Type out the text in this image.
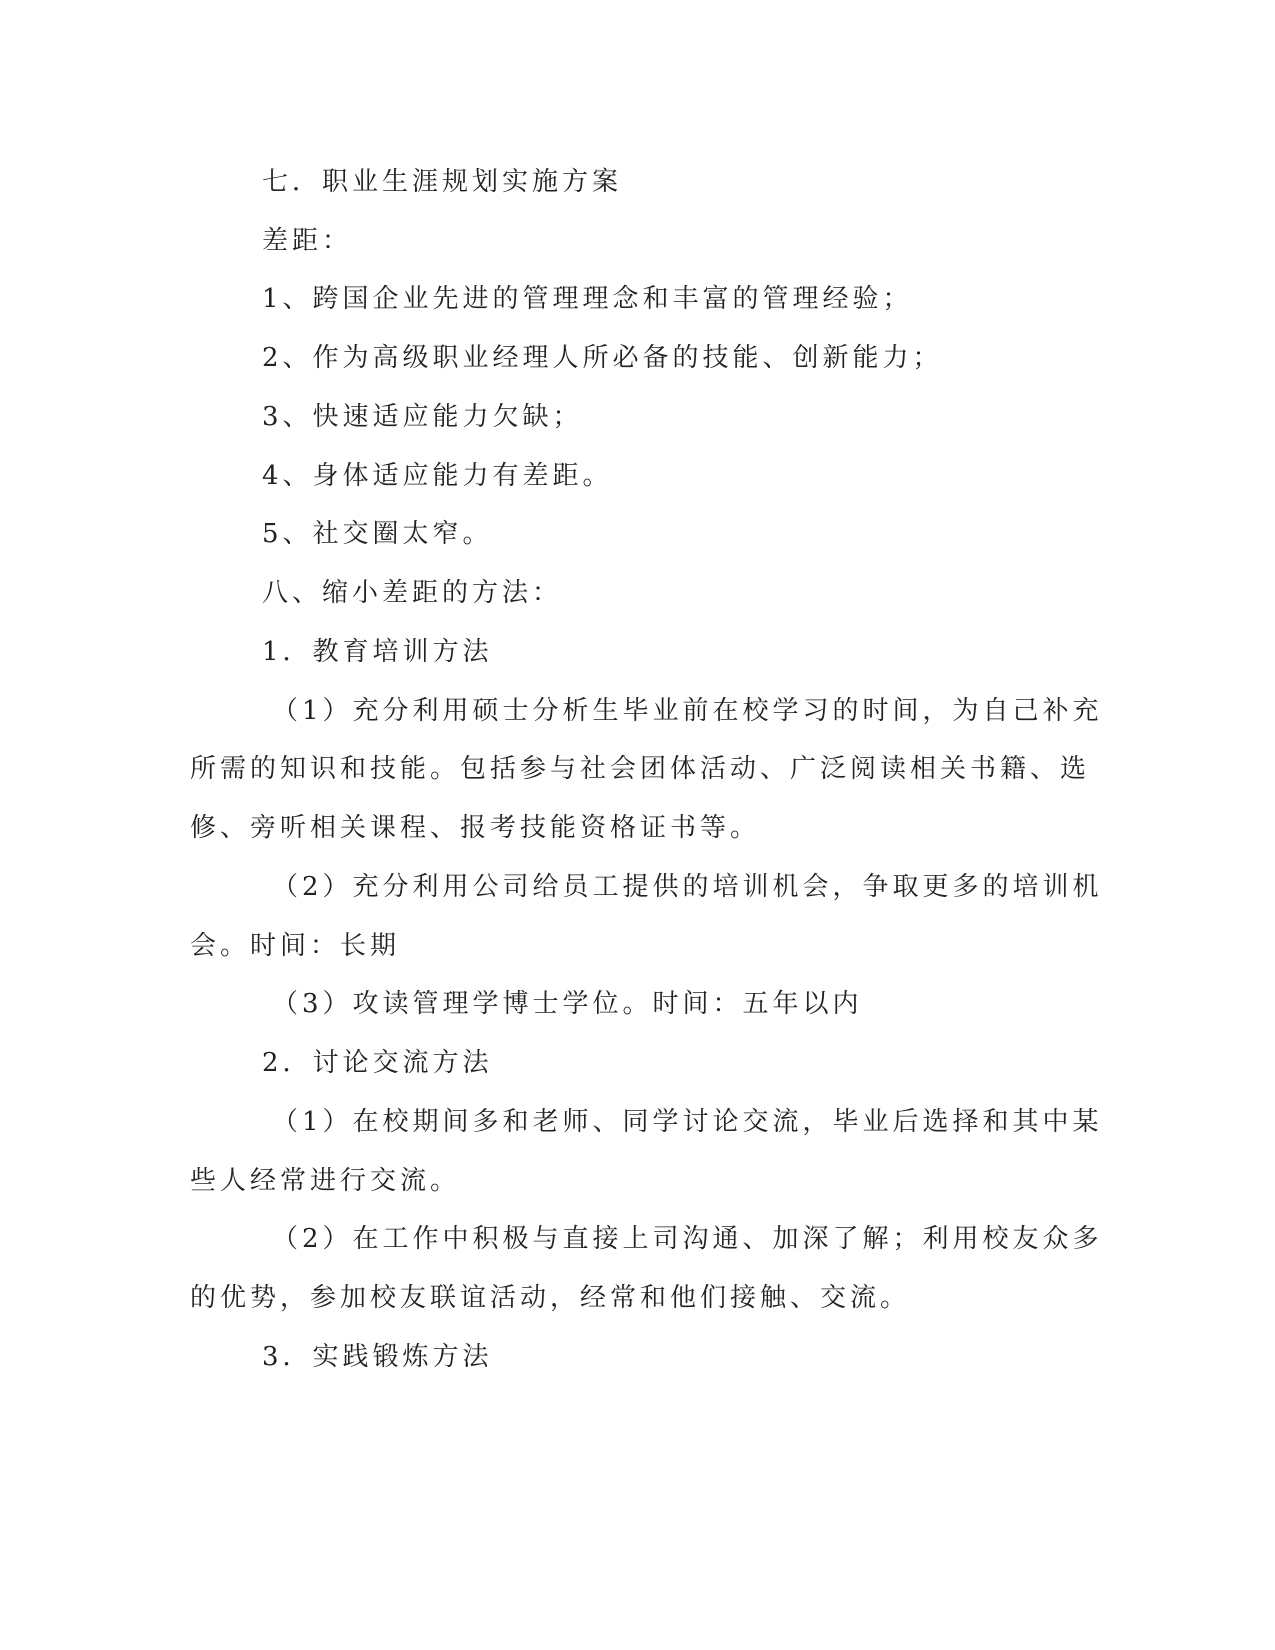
七．职业生涯规划实施方案
差距：
1、跨国企业先进的管理理念和丰富的管理经验；
2、作为高级职业经理人所必备的技能、创新能力；
3、快速适应能力欠缺；
4、身体适应能力有差距。
5、社交圈太窄。
八、缩小差距的方法：
1．教育培训方法
（1）充分利用硕士分析生毕业前在校学习的时间，为自己补充
所需的知识和技能。包括参与社会团体活动、广泛阅读相关书籍、选
修、旁听相关课程、报考技能资格证书等。
（2）充分利用公司给员工提供的培训机会，争取更多的培训机
会。时间：长期
（3）攻读管理学博士学位。时间：五年以内
2．讨论交流方法
（1）在校期间多和老师、同学讨论交流，毕业后选择和其中某
些人经常进行交流。
（2）在工作中积极与直接上司沟通、加深了解；利用校友众多
的优势，参加校友联谊活动，经常和他们接触、交流。
3．实践锻炼方法
